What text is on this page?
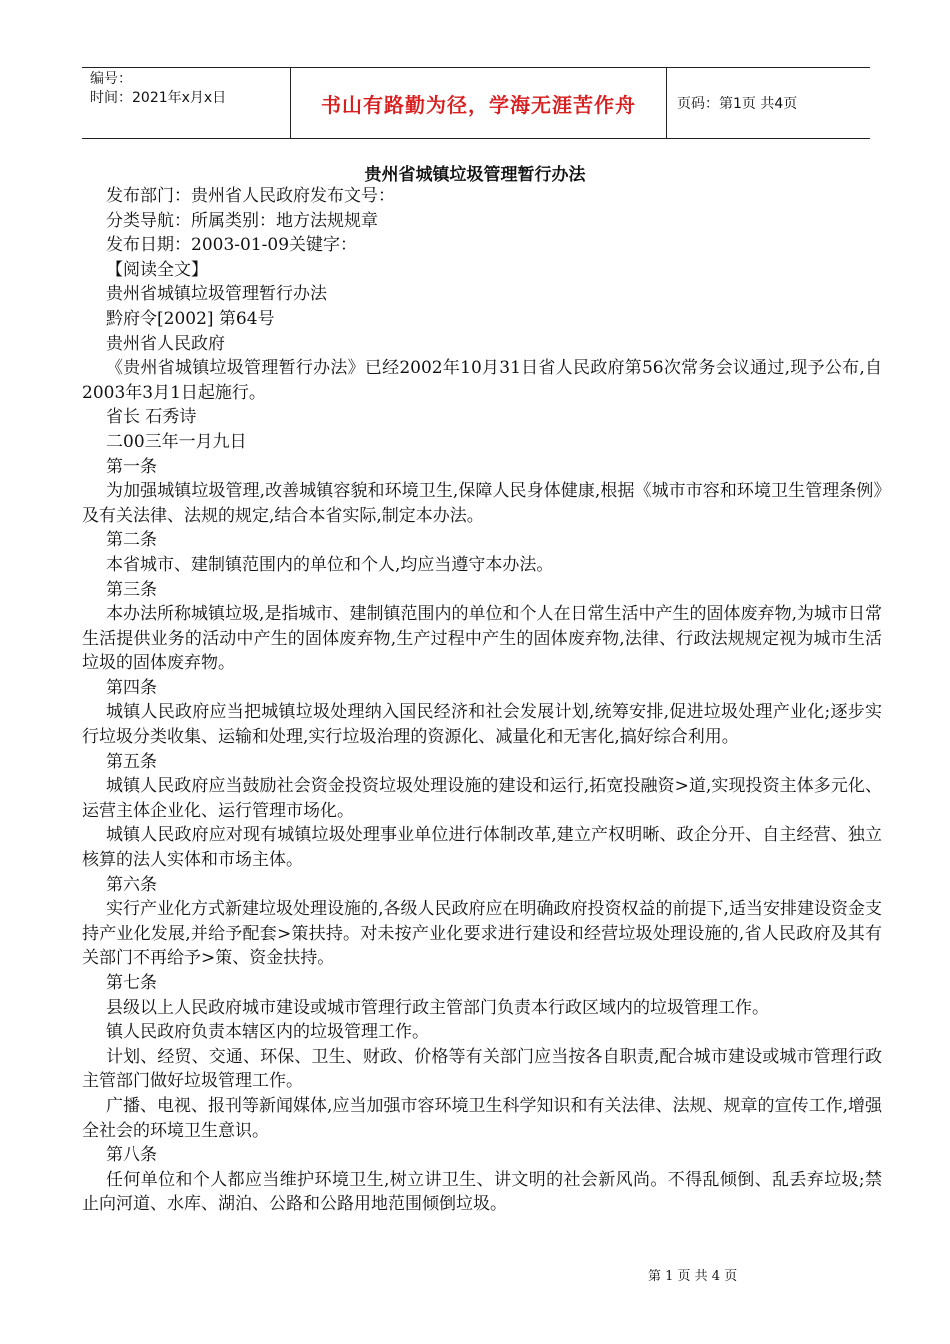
编号：
时间：2021年x月x日	书山有路勤为径，学海无涯苦作舟	页码：第1页 共4页
贵州省城镇垃圾管理暂行办法

发布部门：贵州省人民政府发布文号：

分类导航：所属类别：地方法规规章

发布日期：2003-01-09关键字：

【阅读全文】

贵州省城镇垃圾管理暂行办法

黔府令[2002] 第64号

贵州省人民政府

《贵州省城镇垃圾管理暂行办法》已经2002年10月31日省人民政府第56次常务会议通过,现予公布,自2003年3月1日起施行。

省长 石秀诗

二00三年一月九日

第一条

为加强城镇垃圾管理,改善城镇容貌和环境卫生,保障人民身体健康,根据《城市市容和环境卫生管理条例》及有关法律、法规的规定,结合本省实际,制定本办法。

第二条

本省城市、建制镇范围内的单位和个人,均应当遵守本办法。

第三条

本办法所称城镇垃圾,是指城市、建制镇范围内的单位和个人在日常生活中产生的固体废弃物,为城市日常生活提供业务的活动中产生的固体废弃物,生产过程中产生的固体废弃物,法律、行政法规规定视为城市生活垃圾的固体废弃物。

第四条

城镇人民政府应当把城镇垃圾处理纳入国民经济和社会发展计划,统筹安排,促进垃圾处理产业化;逐步实行垃圾分类收集、运输和处理,实行垃圾治理的资源化、减量化和无害化,搞好综合利用。

第五条

城镇人民政府应当鼓励社会资金投资垃圾处理设施的建设和运行,拓宽投融资>道,实现投资主体多元化、运营主体企业化、运行管理市场化。

城镇人民政府应对现有城镇垃圾处理事业单位进行体制改革,建立产权明晰、政企分开、自主经营、独立核算的法人实体和市场主体。

第六条

实行产业化方式新建垃圾处理设施的,各级人民政府应在明确政府投资权益的前提下,适当安排建设资金支持产业化发展,并给予配套>策扶持。对未按产业化要求进行建设和经营垃圾处理设施的,省人民政府及其有关部门不再给予>策、资金扶持。

第七条

县级以上人民政府城市建设或城市管理行政主管部门负责本行政区域内的垃圾管理工作。

镇人民政府负责本辖区内的垃圾管理工作。

计划、经贸、交通、环保、卫生、财政、价格等有关部门应当按各自职责,配合城市建设或城市管理行政主管部门做好垃圾管理工作。

广播、电视、报刊等新闻媒体,应当加强市容环境卫生科学知识和有关法律、法规、规章的宣传工作,增强全社会的环境卫生意识。

第八条

任何单位和个人都应当维护环境卫生,树立讲卫生、讲文明的社会新风尚。不得乱倾倒、乱丢弃垃圾;禁止向河道、水库、湖泊、公路和公路用地范围倾倒垃圾。

第 1 页 共 4 页
